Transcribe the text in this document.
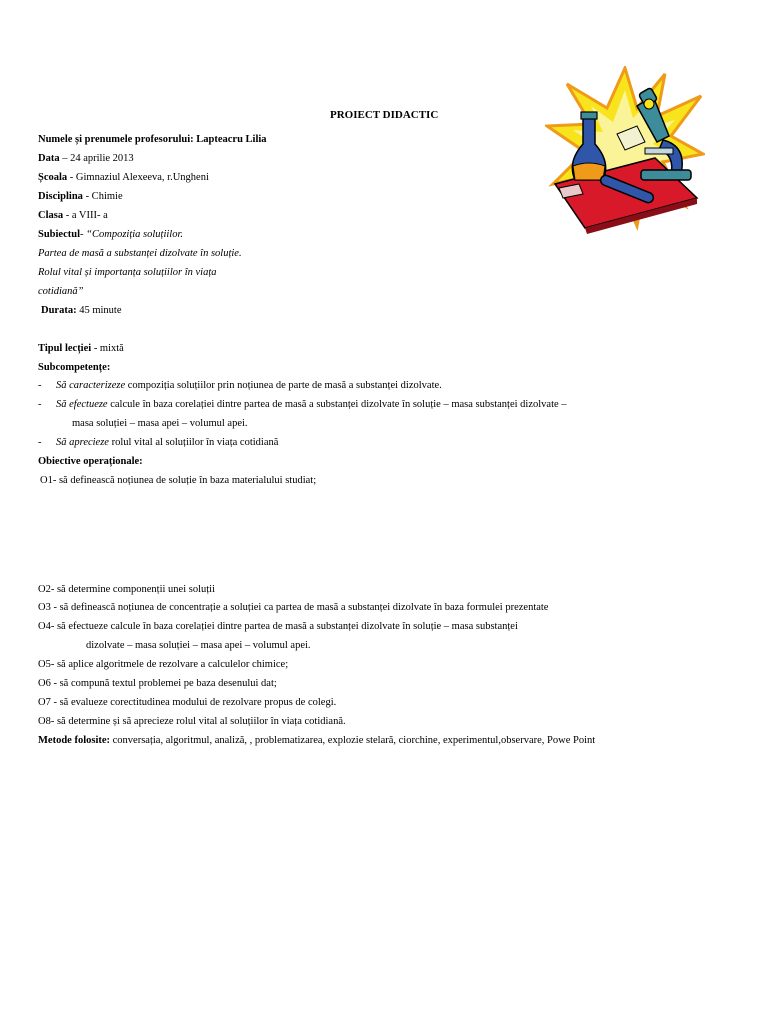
PROIECT DIDACTIC
Numele și prenumele profesorului: Lapteacru Lilia
Data – 24 aprilie 2013
Școala - Gimnaziul Alexeeva, r.Ungheni
Disciplina - Chimie
Clasa - a VIII- a
Subiectul- “Compoziția soluțiilor.
Partea de masă a substanței dizolvate în soluție.
Rolul vital și importanța soluțiilor în viața
cotidiană”
Durata: 45 minute
Tipul lecției - mixtă
Subcompetențe:
- Să caracterizeze compoziția soluțiilor prin noțiunea de parte de masă a substanței dizolvate.
- Să efectueze calcule în baza corelației dintre partea de masă a substanței dizolvate în soluție – masa substanței dizolvate –
masa soluției – masa apei – volumul apei.
- Să aprecieze rolul vital al soluțiilor în viața cotidiană
Obiective operaționale:
O1- să definească noțiunea de soluție în baza materialului studiat;
O2- să determine componenții unei soluții
O3 - să definească noțiunea de concentrație a soluției ca partea de masă a substanței dizolvate în baza formulei prezentate
O4- să efectueze calcule în baza corelației dintre partea de masă a substanței dizolvate în soluție – masa substanței
dizolvate – masa soluției – masa apei – volumul apei.
O5- să aplice algoritmele de rezolvare a calculelor chimice;
O6 - să compună textul problemei pe baza desenului dat;
O7 - să evalueze corectitudinea modului de rezolvare propus de colegi.
O8- să determine și să aprecieze rolul vital al soluțiilor în viața cotidiană.
Metode folosite: conversația, algoritmul, analiză, , problematizarea, explozie stelară, ciorchine, experimentul,observare, Powe Point
